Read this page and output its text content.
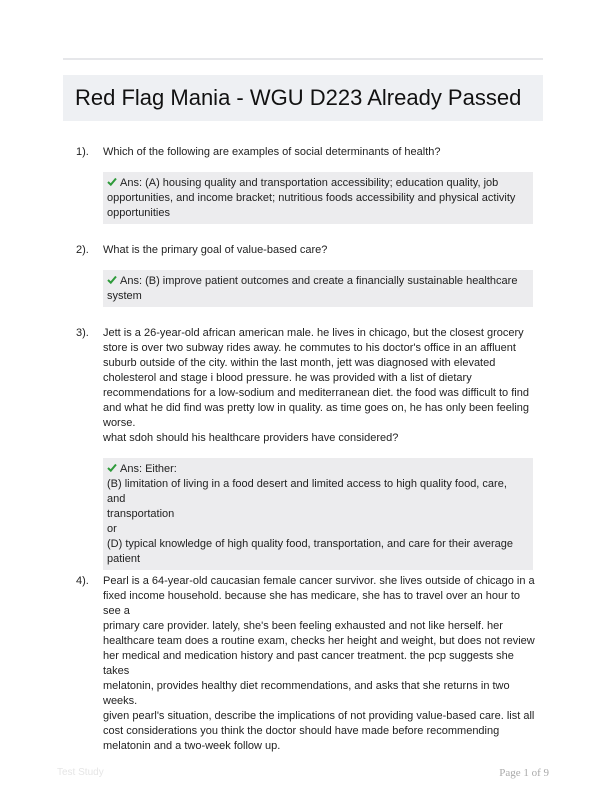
Red Flag Mania - WGU D223 Already Passed
1). Which of the following are examples of social determinants of health?

Ans: (A) housing quality and transportation accessibility; education quality, job
opportunities, and income bracket; nutritious foods accessibility and physical activity
opportunities
2). What is the primary goal of value-based care?

Ans: (B) improve patient outcomes and create a financially sustainable healthcare
system
3). Jett is a 26-year-old african american male. he lives in chicago, but the closest grocery
store is over two subway rides away. he commutes to his doctor's office in an affluent
suburb outside of the city. within the last month, jett was diagnosed with elevated
cholesterol and stage i blood pressure. he was provided with a list of dietary
recommendations for a low-sodium and mediterranean diet. the food was difficult to find
and what he did find was pretty low in quality. as time goes on, he has only been feeling
worse.
what sdoh should his healthcare providers have considered?
Ans: Either:
(B) limitation of living in a food desert and limited access to high quality food, care, and
transportation
or
(D) typical knowledge of high quality food, transportation, and care for their average
patient
4). Pearl is a 64-year-old caucasian female cancer survivor. she lives outside of chicago in a
fixed income household. because she has medicare, she has to travel over an hour to see a
primary care provider. lately, she's been feeling exhausted and not like herself. her
healthcare team does a routine exam, checks her height and weight, but does not review
her medical and medication history and past cancer treatment. the pcp suggests she takes
melatonin, provides healthy diet recommendations, and asks that she returns in two weeks.
given pearl's situation, describe the implications of not providing value-based care. list all
cost considerations you think the doctor should have made before recommending
melatonin and a two-week follow up.
Test Study	Page 1 of 9
